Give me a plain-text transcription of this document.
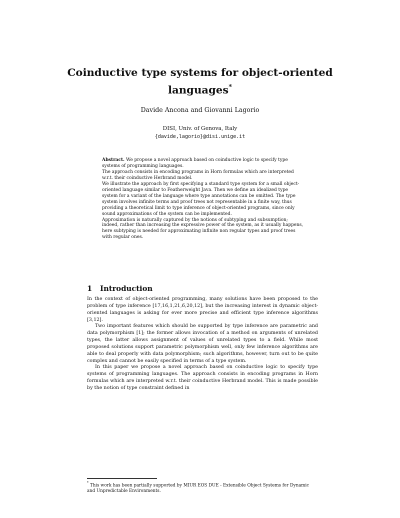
Coinductive type systems for object-oriented languages*
Davide Ancona and Giovanni Lagorio
DISI, Univ. of Genova, Italy
{davide,lagorio}@disi.unige.it

Abstract. We propose a novel approach based on coinductive logic to specify type systems of programming languages.

The approach consists in encoding programs in Horn formulas which are interpreted w.r.t. their coinductive Herbrand model.

We illustrate the approach by first specifying a standard type system for a small object-oriented language similar to Featherweight Java. Then we define an idealized type system for a variant of the language where type annotations can be omitted. The type system involves infinite terms and proof trees not representable in a finite way, thus providing a theoretical limit to type inference of object-oriented programs, since only sound approximations of the system can be implemented.

Approximation is naturally captured by the notions of subtyping and subsumption; indeed, rather than increasing the expressive power of the system, as it usually happens, here subtyping is needed for approximating infinite non regular types and proof trees with regular ones.

1 Introduction

In the context of object-oriented programming, many solutions have been proposed to the problem of type inference [17,16,1,21,6,20,12], but the increasing interest in dynamic object-oriented languages is asking for ever more precise and efficient type inference algorithms [3,12].

Two important features which should be supported by type inference are parametric and data polymorphism [1]; the former allows invocation of a method on arguments of unrelated types, the latter allows assignment of values of unrelated types to a field. While most proposed solutions support parametric polymorphism well, only few inference algorithms are able to deal properly with data polymorphism; such algorithms, however, turn out to be quite complex and cannot be easily specified in terms of a type system.

In this paper we propose a novel approach based on coinductive logic to specify type systems of programming languages. The approach consists in encoding programs in Horn formulas which are interpreted w.r.t. their coinductive Herbrand model. This is made possible by the notion of type constraint defined in

* This work has been partially supported by MIUR EOS DUE - Extensible Object Systems for Dynamic and Unpredictable Environments.
